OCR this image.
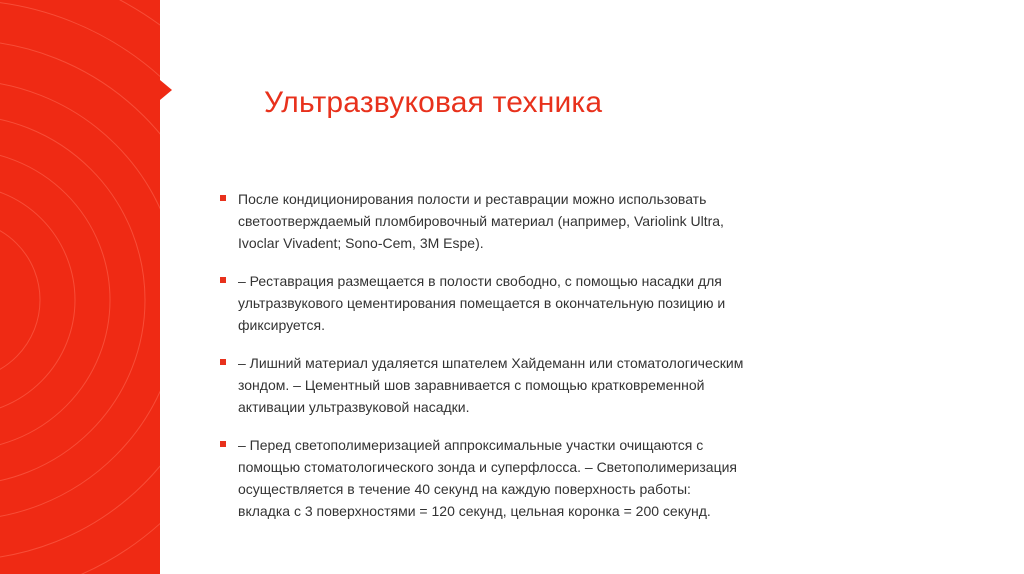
Ультразвуковая техника
После кондиционирования полости и реставрации можно использовать светоотверждаемый пломбировочный материал (например, Variolink Ultra, Ivoclar Vivadent; Sono-Cem, 3M Espe).
– Реставрация размещается в полости свободно, с помощью насадки для ультразвукового цементирования помещается в окончательную позицию и фиксируется.
– Лишний материал удаляется шпателем Хайдеманн или стоматологическим зондом. – Цементный шов заравнивается с помощью кратковременной активации ультразвуковой насадки.
– Перед светополимеризацией аппроксимальные участки очищаются с помощью стоматологического зонда и суперфлосса. – Светополимеризация осуществляется в течение 40 секунд на каждую поверхность работы: вкладка с 3 поверхностями = 120 секунд, цельная коронка = 200 секунд.
